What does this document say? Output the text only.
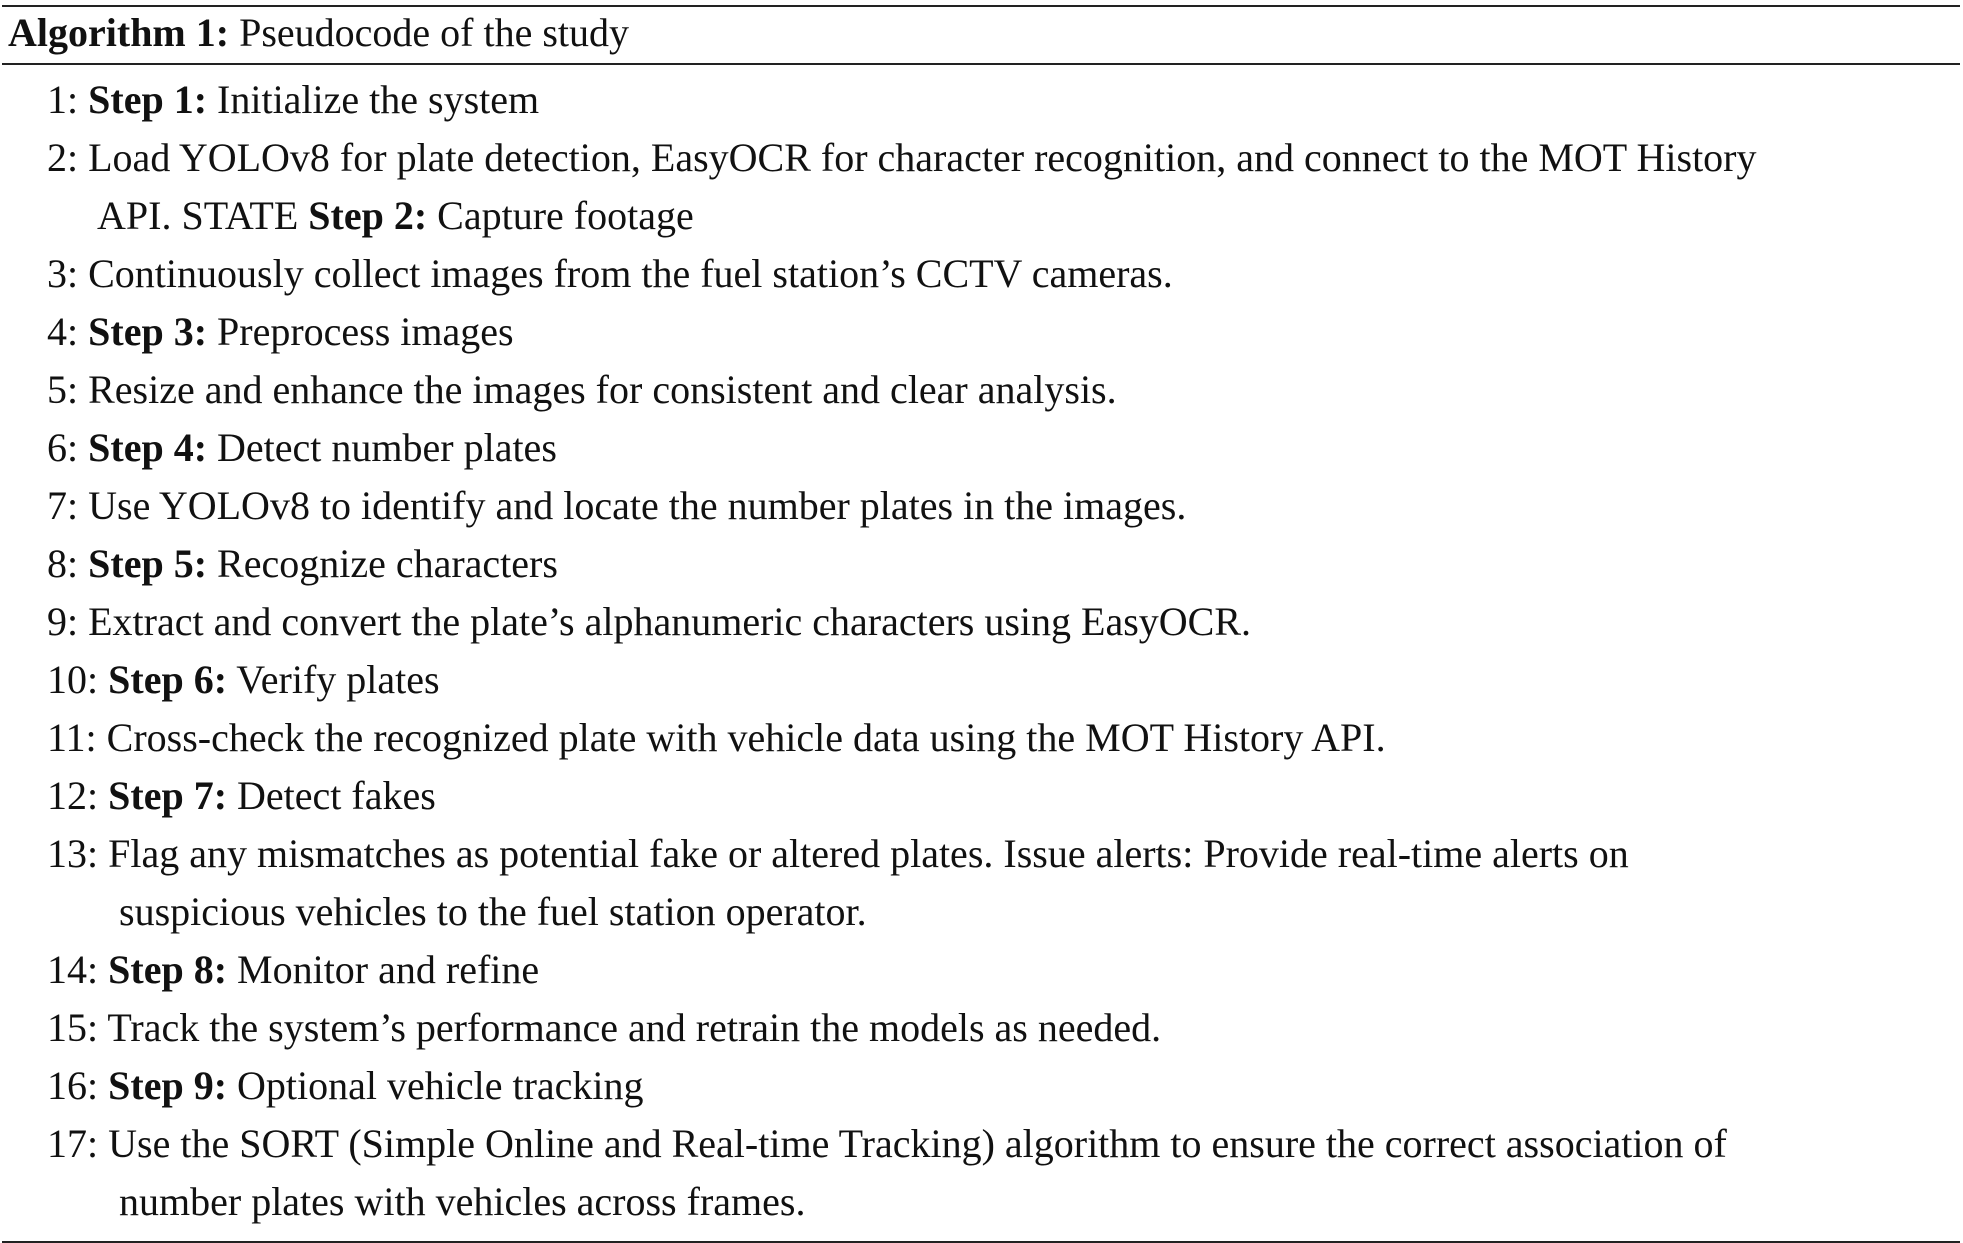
Algorithm 1: Pseudocode of the study
1: Step 1: Initialize the system
2: Load YOLOv8 for plate detection, EasyOCR for character recognition, and connect to the MOT History
API. STATE Step 2: Capture footage
3: Continuously collect images from the fuel station’s CCTV cameras.
4: Step 3: Preprocess images
5: Resize and enhance the images for consistent and clear analysis.
6: Step 4: Detect number plates
7: Use YOLOv8 to identify and locate the number plates in the images.
8: Step 5: Recognize characters
9: Extract and convert the plate’s alphanumeric characters using EasyOCR.
10: Step 6: Verify plates
11: Cross-check the recognized plate with vehicle data using the MOT History API.
12: Step 7: Detect fakes
13: Flag any mismatches as potential fake or altered plates. Issue alerts: Provide real-time alerts on
suspicious vehicles to the fuel station operator.
14: Step 8: Monitor and refine
15: Track the system’s performance and retrain the models as needed.
16: Step 9: Optional vehicle tracking
17: Use the SORT (Simple Online and Real-time Tracking) algorithm to ensure the correct association of
number plates with vehicles across frames.
